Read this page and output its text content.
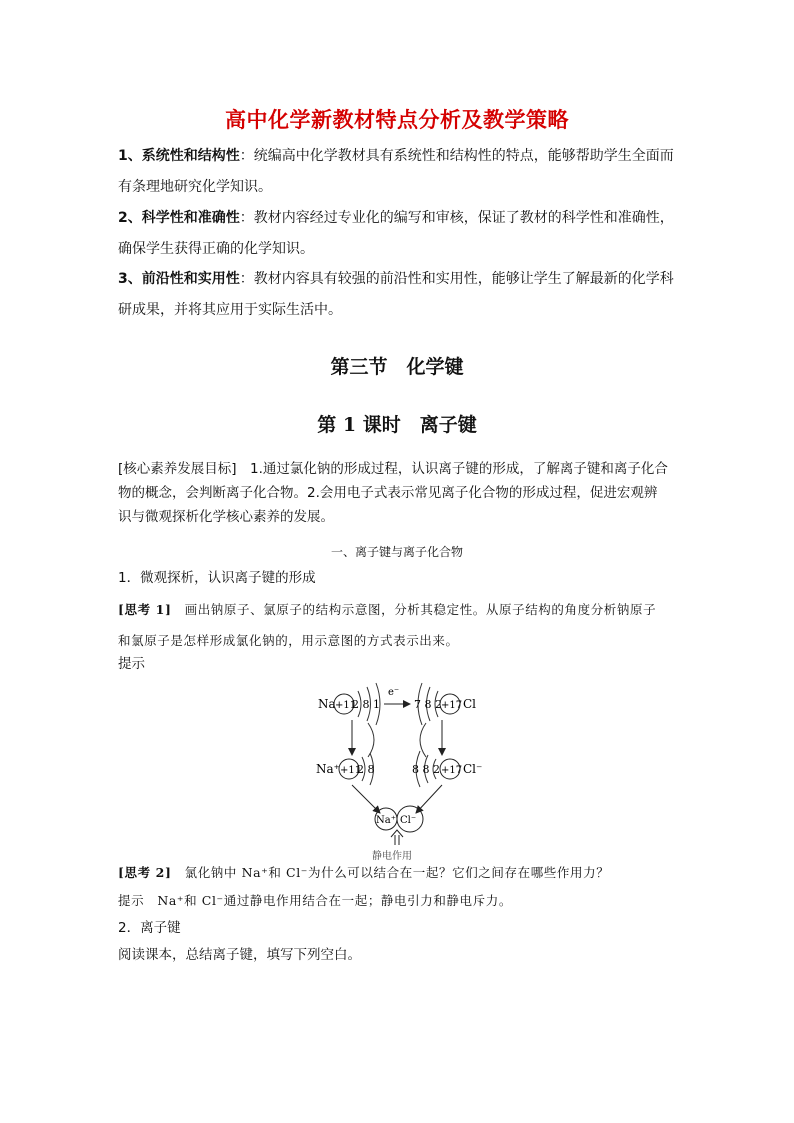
高中化学新教材特点分析及教学策略
1、系统性和结构性：统编高中化学教材具有系统性和结构性的特点，能够帮助学生全面而
有条理地研究化学知识。
2、科学性和准确性：教材内容经过专业化的编写和审核，保证了教材的科学性和准确性，
确保学生获得正确的化学知识。
3、前沿性和实用性：教材内容具有较强的前沿性和实用性，能够让学生了解最新的化学科
研成果，并将其应用于实际生活中。
第三节　化学键
第 1 课时　离子键
[核心素养发展目标]　1.通过氯化钠的形成过程，认识离子键的形成，了解离子键和离子化合
物的概念，会判断离子化合物。2.会用电子式表示常见离子化合物的形成过程，促进宏观辨
识与微观探析化学核心素养的发展。
一、离子键与离子化合物
1．微观探析，认识离子键的形成
[思考 1]　 画出钠原子、氯原子的结构示意图，分析其稳定性。从原子结构的角度分析钠原子
和氯原子是怎样形成氯化钠的，用示意图的方式表示出来。
提示
Na +11
2 8 1
e⁻
7 8 2 +17 Cl
Na⁺ +11
2 8	8 8 2 +17 Cl⁻
Na⁺ Cl⁻
静电作用
[思考 2]　 氯化钠中 Na⁺和 Cl⁻为什么可以结合在一起？它们之间存在哪些作用力？
提示　 Na⁺和 Cl⁻通过静电作用结合在一起；静电引力和静电斥力。
2．离子键
阅读课本，总结离子键，填写下列空白。
